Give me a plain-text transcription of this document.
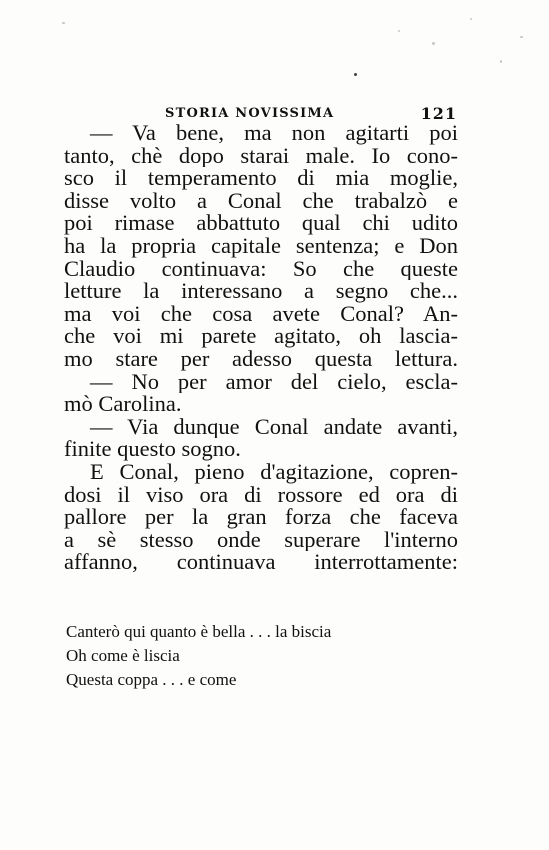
STORIA NOVISSIMA	121
— Va bene, ma non agitarti poi
tanto, chè dopo starai male. Io cono-
sco il temperamento di mia moglie,
disse volto a Conal che trabalzò e
poi rimase abbattuto qual chi udito
ha la propria capitale sentenza; e Don
Claudio continuava: So che queste
letture la interessano a segno che...
ma voi che cosa avete Conal? An-
che voi mi parete agitato, oh lascia-
mo stare per adesso questa lettura.
— No per amor del cielo, escla-
mò Carolina.
— Via dunque Conal andate avanti,
finite questo sogno.
E Conal, pieno d'agitazione, copren-
dosi il viso ora di rossore ed ora di
pallore per la gran forza che faceva
a sè stesso onde superare l'interno
affanno, continuava interrottamente:
Canterò qui quanto è bella . . . la biscia
Oh come è liscia
Questa coppa . . . e come
